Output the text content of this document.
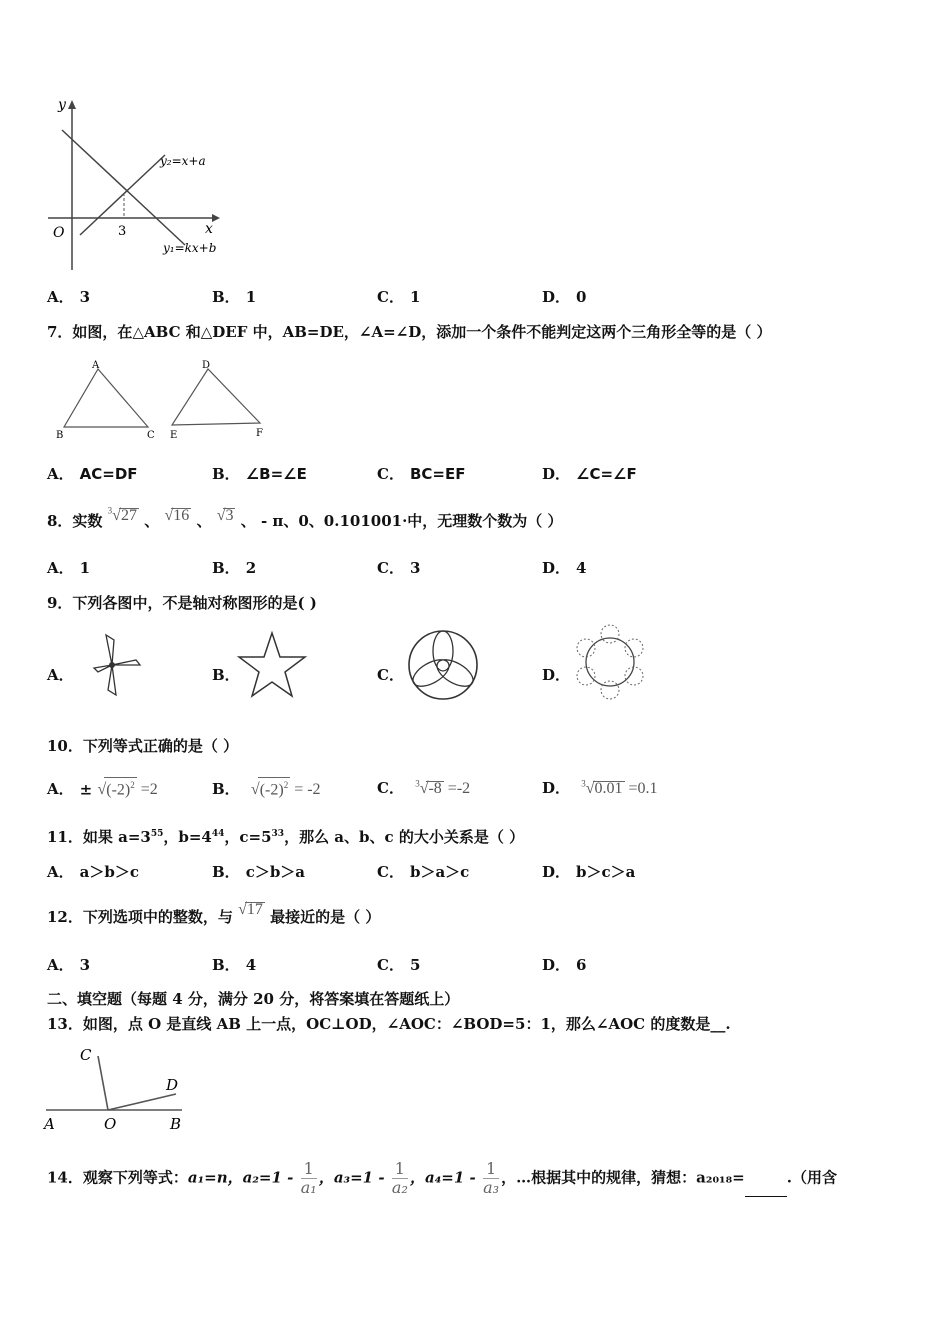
y
x
O	3
y₂=x+a
y₁=kx+b
A． 3	B． 1	C． 1	D． 0
7．如图，在△ABC 和△DEF 中，AB=DE，∠A=∠D，添加一个条件不能判定这两个三角形全等的是（ ）
A
B	C
D
E	F
A． AC=DF	B． ∠B=∠E	C． BC=EF	D． ∠C=∠F
8．实数 $^3$√27 、 √16 、 √3 、 - π、0、0.101001·中，无理数个数为（ ）
A． 1	B． 2	C． 3	D． 4
9．下列各图中，不是轴对称图形的是( )
A．	B．	C．	D．
10．下列等式正确的是（ ）
A． ± $√(-2)^2 =2$	B． $√(-2)^2 = -2$	C． $^3$√-8 =-2	D． $^3$√0.01 =0.1
11．如果 $a=3^{55}$，$b=4^{44}$，$c=5^{33}$，那么 a、b、c 的大小关系是（ ）
A． a＞b＞c	B． c＞b＞a	C． b＞a＞c	D． b＞c＞a
12．下列选项中的整数，与 √17 最接近的是（ ）
A． 3	B． 4	C． 5	D． 6
二、填空题（每题 4 分，满分 20 分，将答案填在答题纸上）
13．如图，点 O 是直线 AB 上一点，OC⊥OD，∠AOC：∠BOD=5：1，那么∠AOC 的度数是__.
C
D
A	O	B
14．观察下列等式：a₁=n，$a_2=1 - \frac{1}{\text{a₁}}$ ，$a_3=1 - \frac{1}{\text{a₂}}$ ，$a_4=1 - \frac{1}{\text{a₃}}$ ，…根据其中的规律，猜想：a₂₀₁₈=	.（用含
